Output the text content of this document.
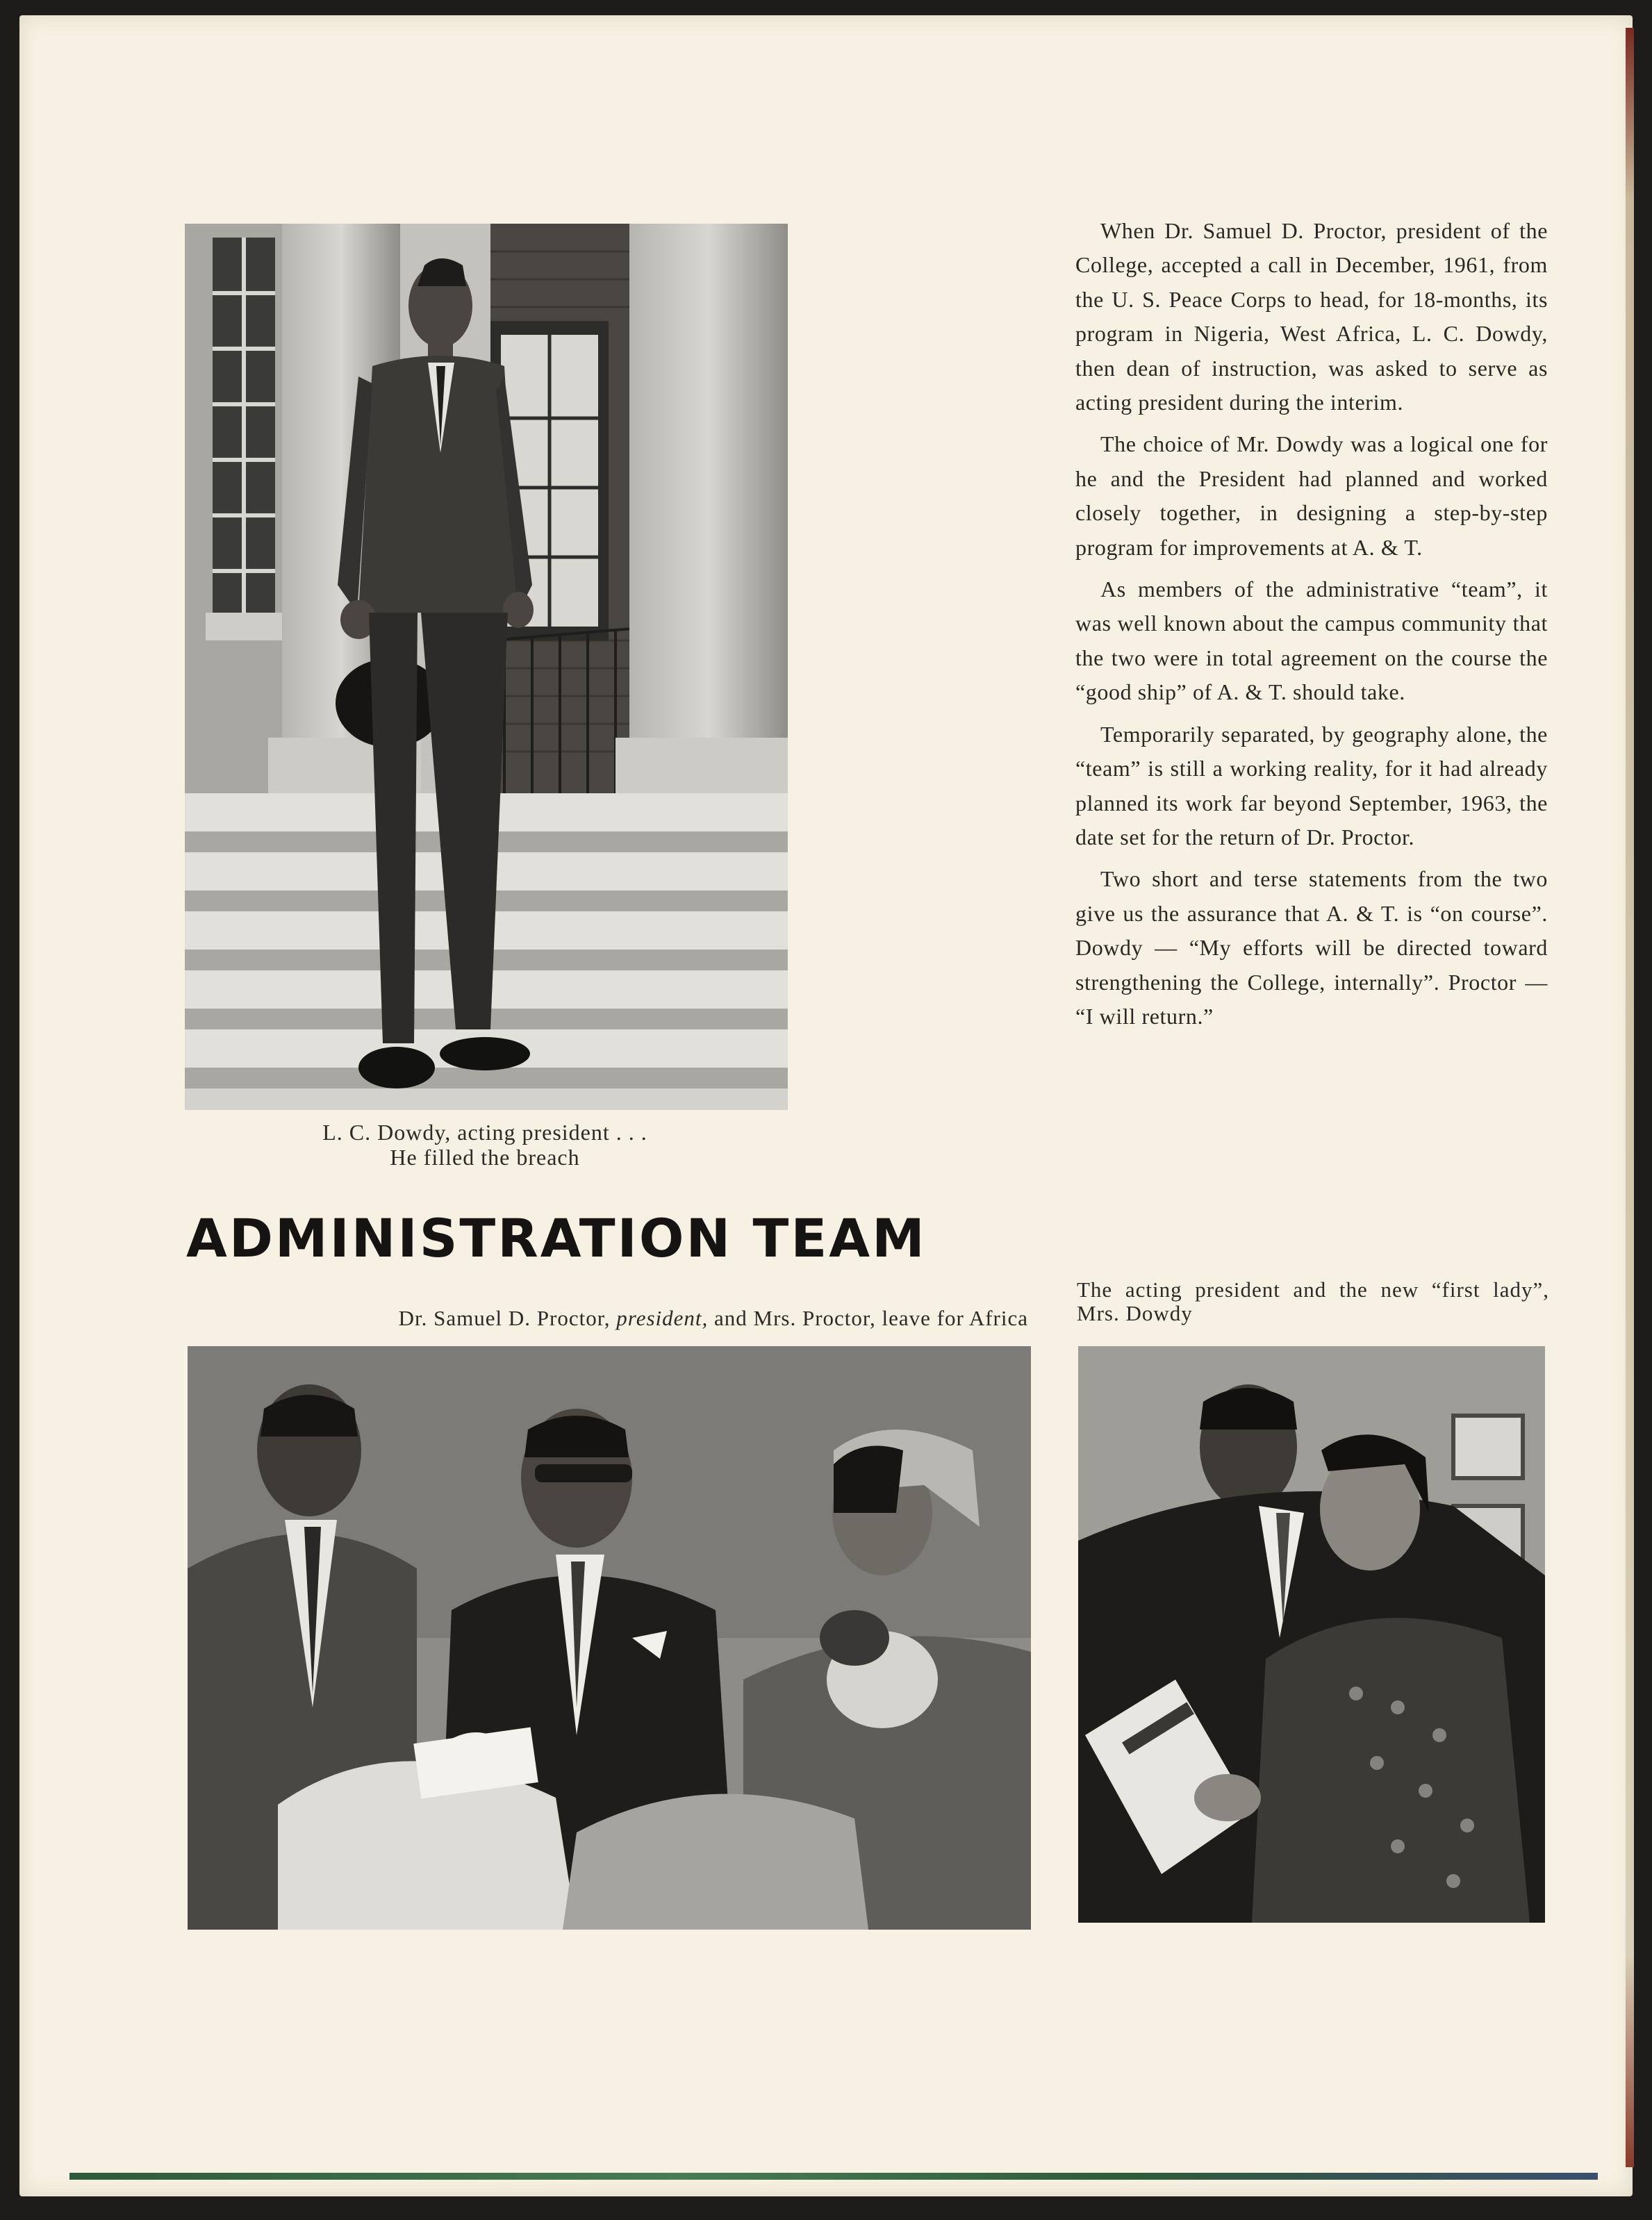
L. C. Dowdy, acting president . . .
He filled the breach

When Dr. Samuel D. Proctor, president of the College, accepted a call in December, 1961, from the U. S. Peace Corps to head, for 18-months, its program in Nigeria, West Africa, L. C. Dowdy, then dean of instruction, was asked to serve as acting president during the interim.

The choice of Mr. Dowdy was a logical one for he and the President had planned and worked closely together, in designing a step-by-step program for improvements at A. & T.

As members of the administrative “team”, it was well known about the campus community that the two were in total agreement on the course the “good ship” of A. & T. should take.

Temporarily separated, by geography alone, the “team” is still a working reality, for it had already planned its work far beyond September, 1963, the date set for the return of Dr. Proctor.

Two short and terse statements from the two give us the assurance that A. & T. is “on course”. Dowdy — “My efforts will be directed toward strengthening the College, internally”. Proctor — “I will return.”

ADMINISTRATION TEAM
Dr. Samuel D. Proctor, president, and Mrs. Proctor, leave for Africa
The acting president and the new “first lady”, Mrs. Dowdy
